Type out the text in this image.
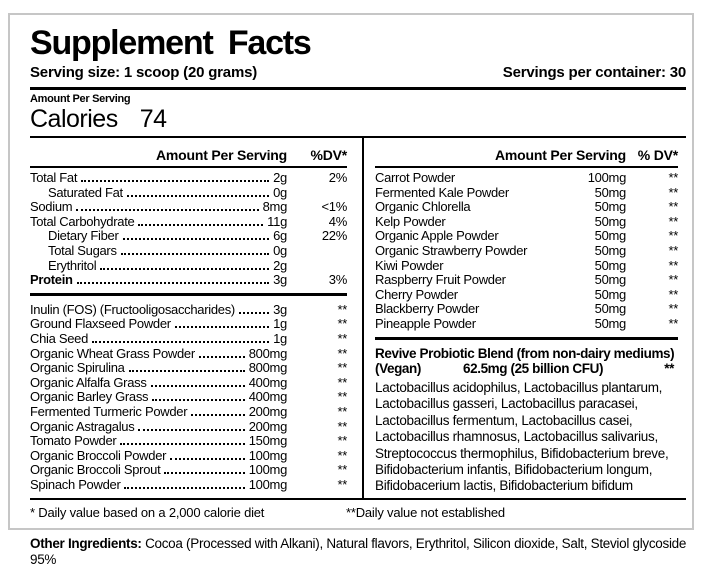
Supplement Facts
Serving size: 1 scoop (20 grams)	Servings per container: 30
Amount Per Serving
Calories 74
Amount Per Serving	%DV*
Total Fat	2g	2%
Saturated Fat	0g
Sodium	8mg	<1%
Total Carbohydrate	11g	4%
Dietary Fiber	6g	22%
Total Sugars	0g
Erythritol	2g
Protein	3g	3%
Inulin (FOS) (Fructooligosaccharides)	3g	**
Ground Flaxseed Powder	1g	**
Chia Seed	1g	**
Organic Wheat Grass Powder	800mg	**
Organic Spirulina	800mg	**
Organic Alfalfa Grass	400mg	**
Organic Barley Grass	400mg	**
Fermented Turmeric Powder	200mg	**
Organic Astragalus	200mg	**
Tomato Powder	150mg	**
Organic Broccoli Powder	100mg	**
Organic Broccoli Sprout	100mg	**
Spinach Powder	100mg	**
Amount Per Serving % DV*
Carrot Powder	100mg	**
Fermented Kale Powder	50mg	**
Organic Chlorella	50mg	**
Kelp Powder	50mg	**
Organic Apple Powder	50mg	**
Organic Strawberry Powder	50mg	**
Kiwi Powder	50mg	**
Raspberry Fruit Powder	50mg	**
Cherry Powder	50mg	**
Blackberry Powder	50mg	**
Pineapple Powder	50mg	**
Revive Probiotic Blend (from non-dairy mediums)
(Vegan)	62.5mg (25 billion CFU)	**
Lactobacillus acidophilus, Lactobacillus plantarum, Lactobacillus gasseri, Lactobacillus paracasei, Lactobacillus fermentum, Lactobacillus casei, Lactobacillus rhamnosus, Lactobacillus salivarius, Streptococcus thermophilus, Bifidobacterium breve, Bifidobacterium infantis, Bifidobacterium longum, Bifidobacerium lactis, Bifidobacterium bifidum
* Daily value based on a 2,000 calorie diet	**Daily value not established
Other Ingredients: Cocoa (Processed with Alkani), Natural flavors, Erythritol, Silicon dioxide, Salt, Steviol glycoside 95%
